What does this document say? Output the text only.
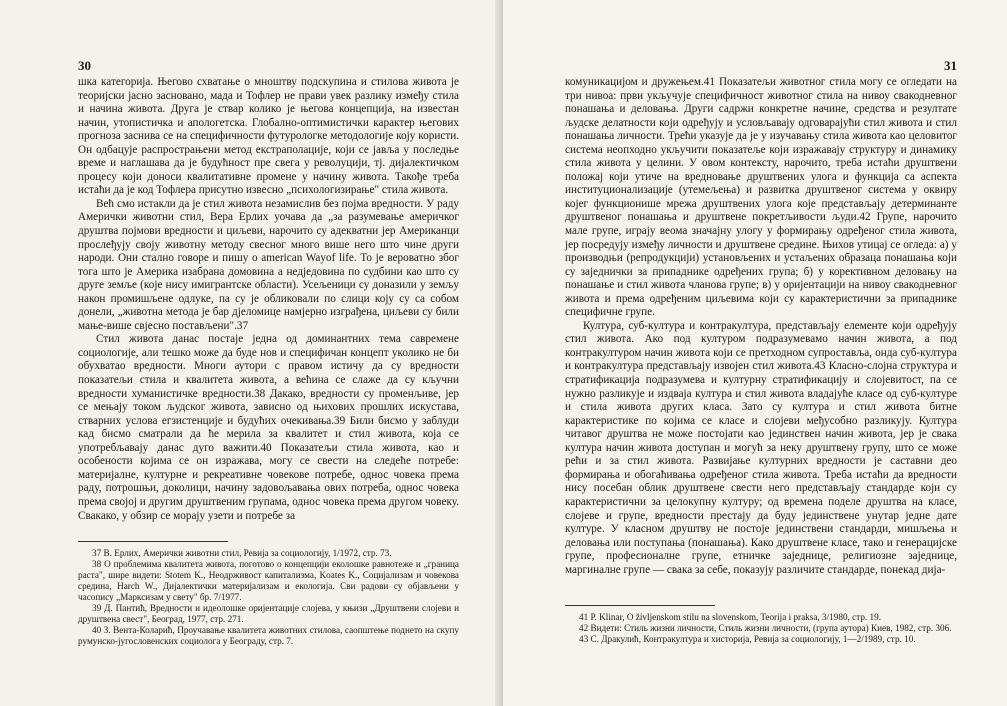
30

шка категорија. Његово схватање о мноштву подскупина и стилова живота је теоријски јасно засновано, мада и Тофлер не прави увек разлику између стила и начина живота. Друга је ствар колико је његова концепција, на известан начин, утопистичка и апологетска. Глобално-оптимистички карактер његових прогноза заснива се на специфичности футурологке методологије коју користи. Он одбацује распрострањени метод екстраполације, који се јавља у последње време и наглашава да је будућност пре свега у револуцији, тј. дијалектичком процесу који доноси квалитативне промене у начину живота. Такође треба истаћи да је код Тофлера присутно извесно „психологизирање" стила живота.

Већ смо истакли да је стил живота незамислив без појма вредности. У раду Амерички животни стил, Вера Ерлих уочава да „за разумевање америчког друштва појмови вредности и циљеви, нарочито су адекватни јер Американци прослеђују своју животну методу свесног много више него што чине други народи. Они стално говоре и пишу о american Wayof life. То је вероватно због тога што је Америка изабрана домовина а недједовина по судбини као што су друге земље (које нису имигрантске области). Усељеници су доназили у земљу након промишљене одлуке, па су је обликовали по слици коју су са собом донели, „животна метода је бар дјеломице намјерно изграђена, циљеви су били мање-више свјесно постављени".37

Стил живота данас постаје једна од доминантних тема савремене социологије, али тешко може да буде нов и специфичан концепт уколико не би обухватао вредности. Многи аутори с правом истичу да су вредности показатељи стила и квалитета живота, а већина се слаже да су кључни вредности хуманистичке вредности.38 Дакако, вредности су променљиве, јер се мењају током људског живота, зависно од њихових прошлих искустава, стварних услова егзистенције и будућих очекивања.39 Били бисмо у заблуди кад бисмо сматрали да ће мерила за квалитет и стил живота, која се употребљавају данас дуго важити.40 Показатељи стила живота, као и особености којима се он изражава, могу се свести на следеће потребе: материјалне, културне и рекреативне човекове потребе, однос човека према раду, потрошњи, доколици, начину задовољавања ових потреба, однос човека према својој и другим друштвеним групама, однос човека према другом човеку. Свакако, у обзир се морају узети и потребе за

37 В. Ерлих, Амерички животни стил, Ревија за социологију, 1/1972, стр. 73.

38 О проблемима квалитета живота, поготово о концепцији еколошке равнотеже и „граница раста", шире видети: Stotem K., Неодрживост капитализма, Koates K., Социјализам и човекова средина, Harch W., Дијалектички материјализам и екологија. Сви радови су објављени у часопису „Марксизам у свету" бр. 7/1977.

39 Д. Пантић, Вредности и идеолошке оријентације слојева, у књизи „Друштвени слојеви и друштвена свест", Београд, 1977, стр. 271.

40 З. Вента-Коларић, Проучавање квалитета животних стилова, саопштење поднето на скупу румунско-југословенских социолога у Београду, стр. 7.

31

комуникацијом и дружењем.41 Показатељи животног стила могу се огледати на три нивоа: први укључује специфичност животног стила на нивоу свакодневног понашања и деловања. Други садржи конкретне начине, средства и резултате људске делатности који одређују и условљавају одговарајући стил живота и стил понашања личности. Трећи указује да је у изучавању стила живота као целовитог система неопходно укључити показатеље који изражавају структуру и динамику стила живота у целини. У овом контексту, нарочито, треба истаћи друштвени положај који утиче на вредновање друштвених улога и функција са аспекта институционализације (утемељења) и развитка друштвеног система у оквиру којег функционише мрежа друштвених улога које представљају детерминанте друштвеног понашања и друштвене покретљивости људи.42 Групе, нарочито мале групе, играју веома значајну улогу у формирању одређеног стила живота, јер посредују између личности и друштвене средине. Њихов утицај се огледа: а) у производњи (репродукцији) установљених и устаљених образаца понашања који су заједнички за припаднике одређених група; б) у корективном деловању на понашање и стил живота чланова групе; в) у оријентацији на нивоу свакодневног живота и према одређеним циљевима који су карактеристични за припаднике специфичне групе.

Култура, суб-култура и контракултура, представљају елементе који одређују стил живота. Ако под културом подразумевамо начин живота, а под контракултуром начин живота који се претходном супростављa, онда суб-култура и контракултура представљају извојен стил живота.43 Класно-слојна структура и стратификација подразумева и културну стратификацију и слојевитост, па се нужно разликује и издваја култура и стил живота владајуће класе од суб-културе и стила живота других класа. Зато су култура и стил живота битне карактеристике по којима се класе и слојеви међусобно разликују. Култура читавог друштва не може постојати као јединствен начин живота, јер је свака култура начин живота доступан и могућ за неку друштвену групу, што се може рећи и за стил живота. Развијање културних вредности је саставни део формирања и обогаћивања одређеног стила живота. Треба истаћи да вредности нису посебан облик друштвене свести него представљају стандарде који су карактеристични за целокупну културу; од времена поделе друштва на класе, слојеве и групе, вредности престају да буду јединствене унутар једне дате културе. У класном друштву не постоје јединствени стандарди, мишљења и деловања или поступања (понашања). Како друштвене класе, тако и генерацијске групе, професионалне групе, етничке заједнице, религиозне заједнице, маргиналне групе — свака за себе, показују различите стандарде, понекад дија-

41 P. Klinar, O življenskom stilu na slovenskom, Teorija i praksa, 3/1980, стр. 19.

42 Видети: Стиль жизни личности, Стиль жизни личности, (група аутора) Киев, 1982, стр. 306.

43 С. Дракулић, Контракултура и хисторија, Ревија за социологију, 1—2/1989, стр. 10.
